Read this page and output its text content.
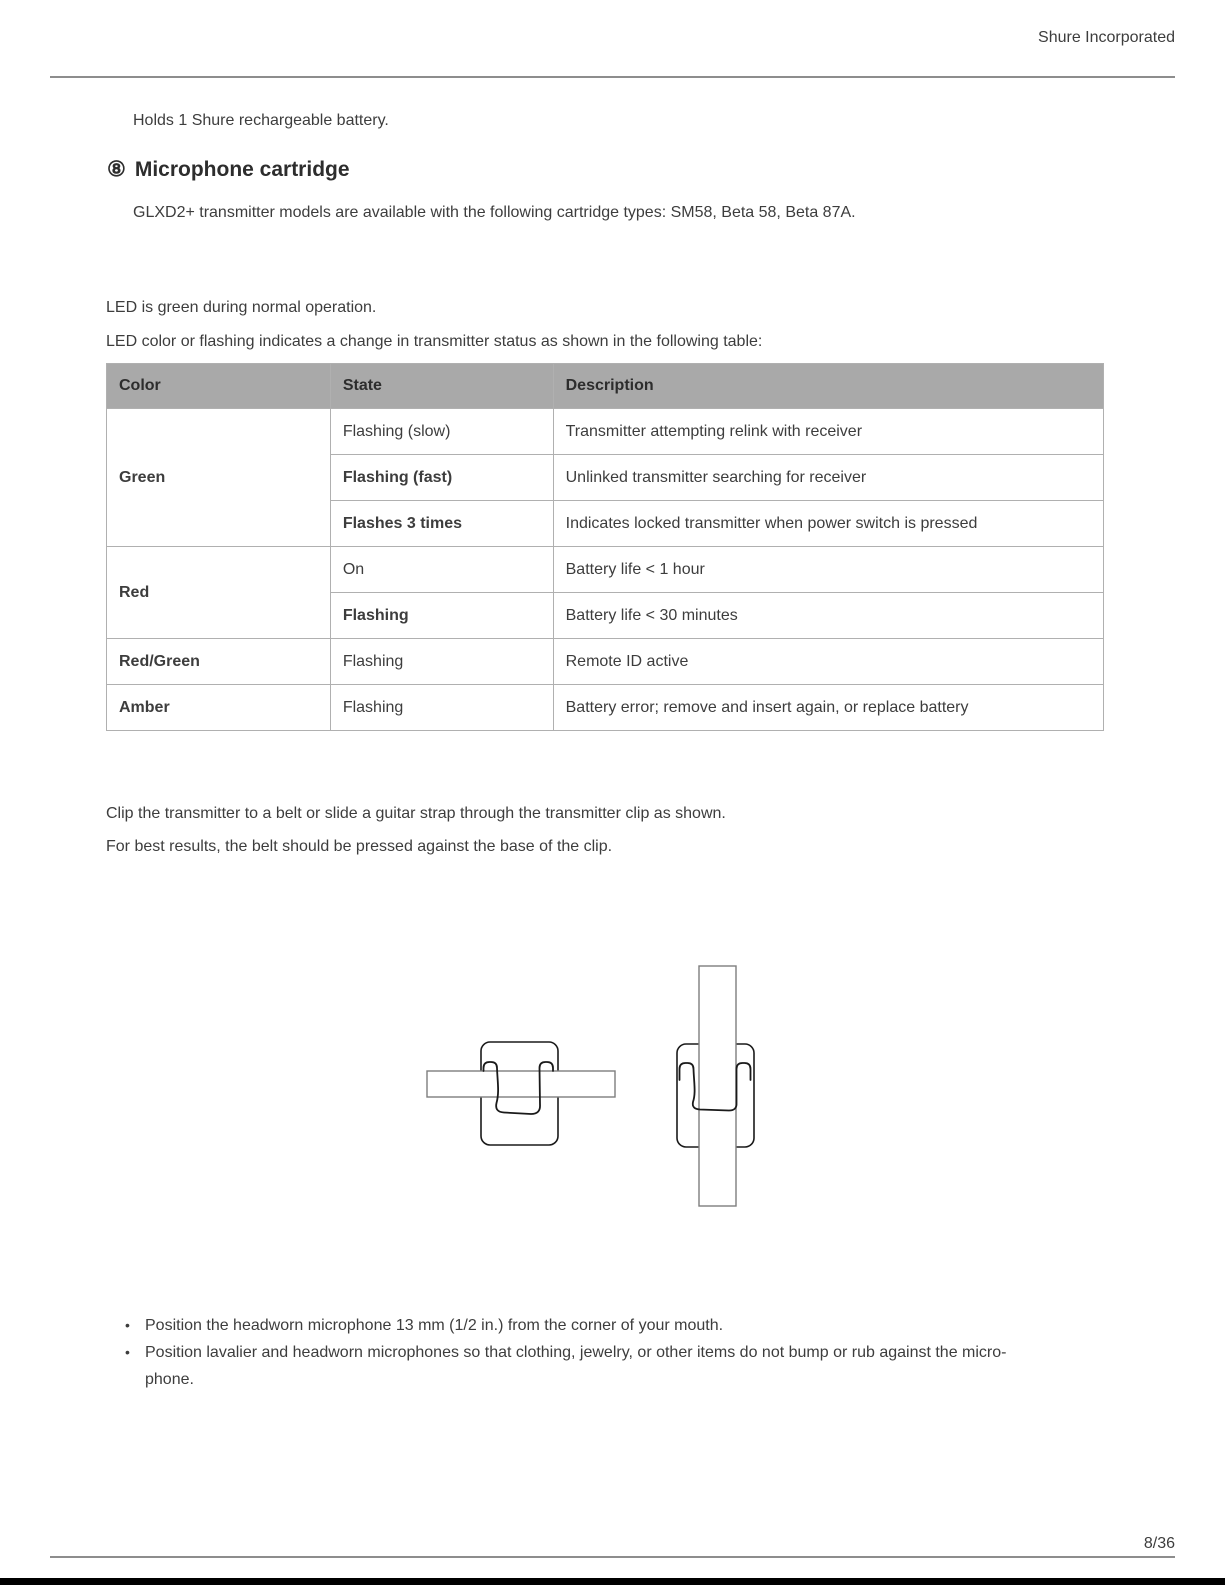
Shure Incorporated
Holds 1 Shure rechargeable battery.
⑧ Microphone cartridge
GLXD2+ transmitter models are available with the following cartridge types: SM58, Beta 58, Beta 87A.
LED is green during normal operation.
LED color or flashing indicates a change in transmitter status as shown in the following table:
Color	State	Description
Green	Flashing (slow)	Transmitter attempting relink with receiver
	Flashing (fast)	Unlinked transmitter searching for receiver
	Flashes 3 times	Indicates locked transmitter when power switch is pressed
Red	On	Battery life < 1 hour
	Flashing	Battery life < 30 minutes
Red/Green	Flashing	Remote ID active
Amber	Flashing	Battery error; remove and insert again, or replace battery
Clip the transmitter to a belt or slide a guitar strap through the transmitter clip as shown.
For best results, the belt should be pressed against the base of the clip.
• Position the headworn microphone 13 mm (1/2 in.) from the corner of your mouth.
• Position lavalier and headworn microphones so that clothing, jewelry, or other items do not bump or rub against the micro-
phone.
8/36
